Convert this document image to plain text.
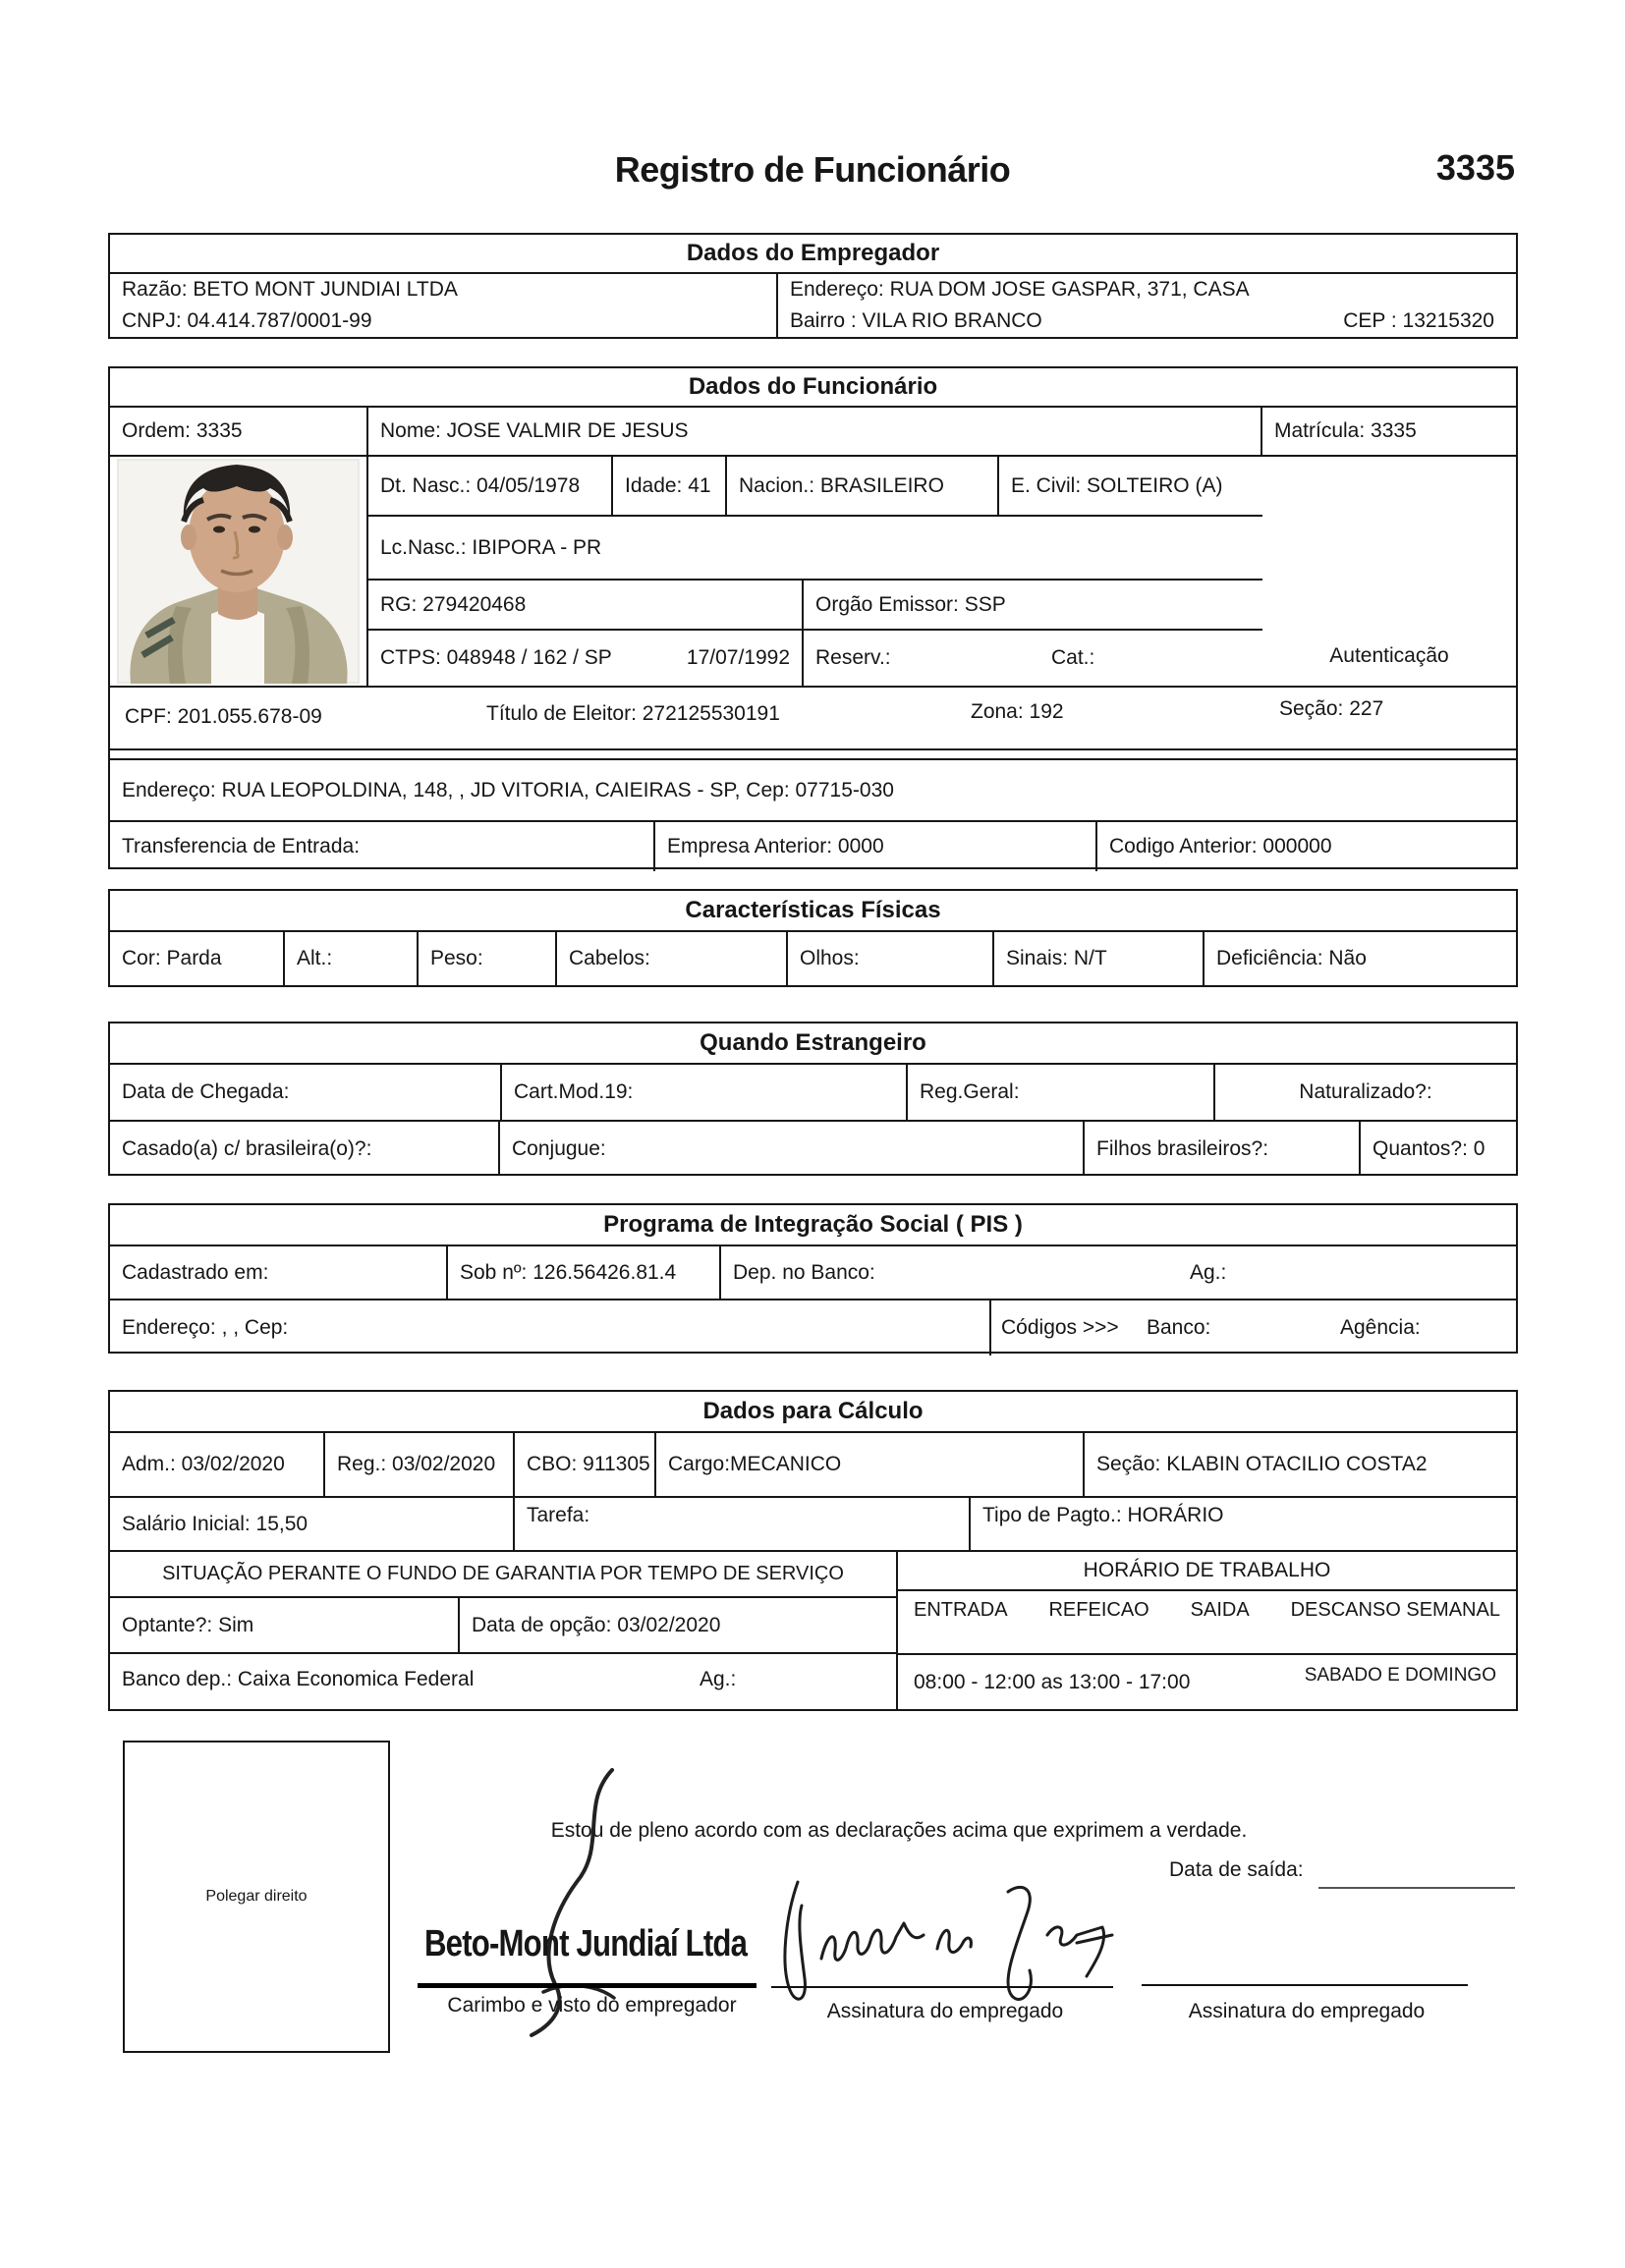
Registro de Funcionário	3335
Dados do Empregador
Razão: BETO MONT JUNDIAI LTDA
CNPJ: 04.414.787/0001-99
Endereço: RUA DOM JOSE GASPAR, 371, CASA
Bairro : VILA RIO BRANCO	CEP : 13215320
Dados do Funcionário
Ordem: 3335	Nome: JOSE VALMIR DE JESUS	Matrícula: 3335
Dt. Nasc.: 04/05/1978	Idade: 41	Nacion.: BRASILEIRO	E. Civil: SOLTEIRO (A)
Lc.Nasc.: IBIPORA - PR
RG: 279420468	Orgão Emissor: SSP
CTPS: 048948 / 162 / SP	17/07/1992 Reserv.:	Cat.:	Autenticação
CPF: 201.055.678-09	Título de Eleitor: 272125530191	Zona: 192	Seção: 227
Endereço: RUA LEOPOLDINA, 148, , JD VITORIA, CAIEIRAS - SP, Cep: 07715-030
Transferencia de Entrada:	Empresa Anterior: 0000	Codigo Anterior: 000000
Características Físicas
Cor: Parda	Alt.:	Peso:	Cabelos:	Olhos:	Sinais: N/T	Deficiência: Não
Quando Estrangeiro
Data de Chegada:	Cart.Mod.19:	Reg.Geral:	Naturalizado?:
Casado(a) c/ brasileira(o)?:	Conjugue:	Filhos brasileiros?:	Quantos?: 0
Programa de Integração Social ( PIS )
Cadastrado em:	Sob nº: 126.56426.81.4	Dep. no Banco:	Ag.:
Endereço: , , Cep:	Códigos >>> Banco:	Agência:
Dados para Cálculo
Adm.: 03/02/2020	Reg.: 03/02/2020	CBO: 911305 Cargo:MECANICO	Seção: KLABIN OTACILIO COSTA2
Salário Inicial: 15,50	Tarefa:	Tipo de Pagto.: HORÁRIO
SITUAÇÃO PERANTE O FUNDO DE GARANTIA POR TEMPO DE SERVIÇO
Optante?: Sim	Data de opção: 03/02/2020
Banco dep.: Caixa Economica Federal	Ag.:
HORÁRIO DE TRABALHO
ENTRADA REFEICAO SAIDA DESCANSO SEMANAL
08:00 - 12:00 as 13:00 - 17:00	SABADO E DOMINGO
Polegar direito
Estou de pleno acordo com as declarações acima que exprimem a verdade.
Data de saída:
Beto-Mont Jundiaí Ltda
Carimbo e visto do empregador	Assinatura do empregado	Assinatura do empregado
